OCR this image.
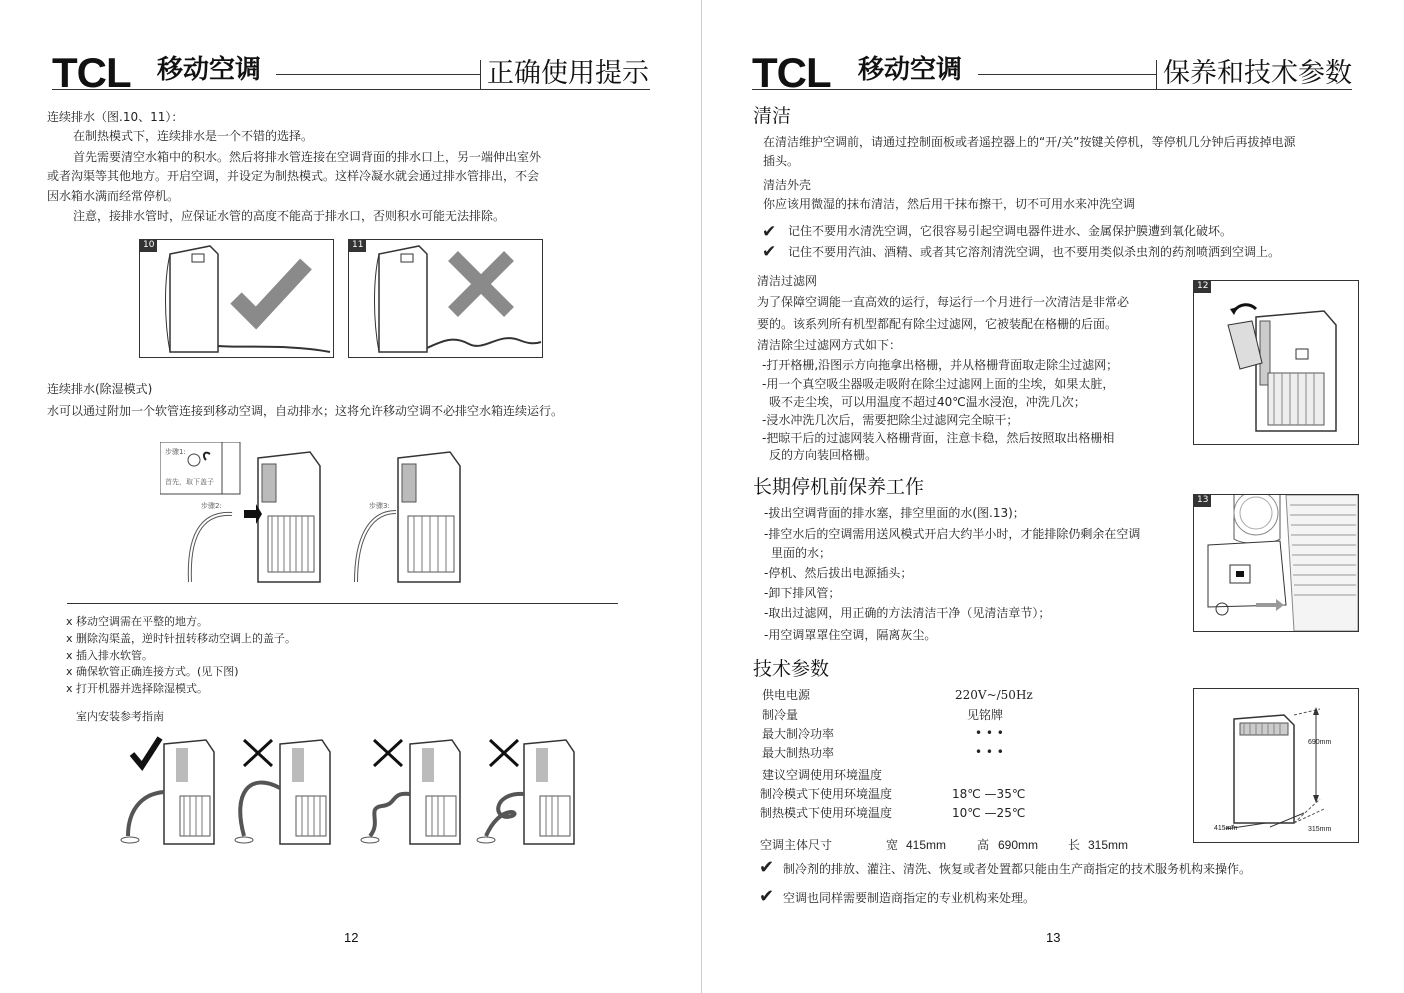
TCL 移动空调	正确使用提示
连续排水（图.10、11）：
在制热模式下，连续排水是一个不错的选择。
首先需要清空水箱中的积水。然后将排水管连接在空调背面的排水口上，另一端伸出室外
或者沟渠等其他地方。开启空调，并设定为制热模式。这样冷凝水就会通过排水管排出，不会
因水箱水满而经常停机。
注意，接排水管时，应保证水管的高度不能高于排水口，否则积水可能无法排除。
10	11
连续排水(除湿模式)
水可以通过附加一个软管连接到移动空调，自动排水；这将允许移动空调不必排空水箱连续运行。
步骤1:
首先，取下盖子
步骤2:	步骤3:
x 移动空调需在平整的地方。
x 删除沟渠盖，逆时针扭转移动空调上的盖子。
x 插入排水软管。
x 确保软管正确连接方式。(见下图)
x 打开机器并选择除湿模式。
室内安装参考指南
12
TCL 移动空调	保养和技术参数
清洁
在清洁维护空调前，请通过控制面板或者遥控器上的“开/关”按键关停机，等停机几分钟后再拔掉电源
插头。
清洁外壳
你应该用微湿的抹布清洁，然后用干抹布擦干，切不可用水来冲洗空调
✔ 记住不要用水清洗空调，它很容易引起空调电器件进水、金属保护膜遭到氧化破坏。
✔ 记住不要用汽油、酒精、或者其它溶剂清洗空调，也不要用类似杀虫剂的药剂喷洒到空调上。
清洁过滤网
为了保障空调能一直高效的运行，每运行一个月进行一次清洁是非常必
要的。该系列所有机型都配有除尘过滤网，它被装配在格栅的后面。
清洁除尘过滤网方式如下：
-打开格栅,沿图示方向拖拿出格栅，并从格栅背面取走除尘过滤网；
-用一个真空吸尘器吸走吸附在除尘过滤网上面的尘埃，如果太脏，
吸不走尘埃，可以用温度不超过40℃温水浸泡，冲洗几次；
-浸水冲洗几次后，需要把除尘过滤网完全晾干；
-把晾干后的过滤网装入格栅背面，注意卡稳，然后按照取出格栅相
反的方向装回格栅。
12
长期停机前保养工作
-拔出空调背面的排水塞，排空里面的水(图.13)；
-排空水后的空调需用送风模式开启大约半小时，才能排除仍剩余在空调
里面的水；
-停机、然后拔出电源插头；
-卸下排风管；
-取出过滤网，用正确的方法清洁干净（见清洁章节）；
-用空调罩罩住空调，隔离灰尘。
13
技术参数
供电电源	220V~/50Hz
制冷量	见铭牌
最大制冷功率	• • •
最大制热功率	• • •
建议空调使用环境温度
制冷模式下使用环境温度	18℃ —35℃
制热模式下使用环境温度	10℃ —25℃
空调主体尺寸	宽 415mm	高 690mm 长 315mm
690mm
415mm	315mm
✔ 制冷剂的排放、灌注、清洗、恢复或者处置都只能由生产商指定的技术服务机构来操作。
✔ 空调也同样需要制造商指定的专业机构来处理。
13
